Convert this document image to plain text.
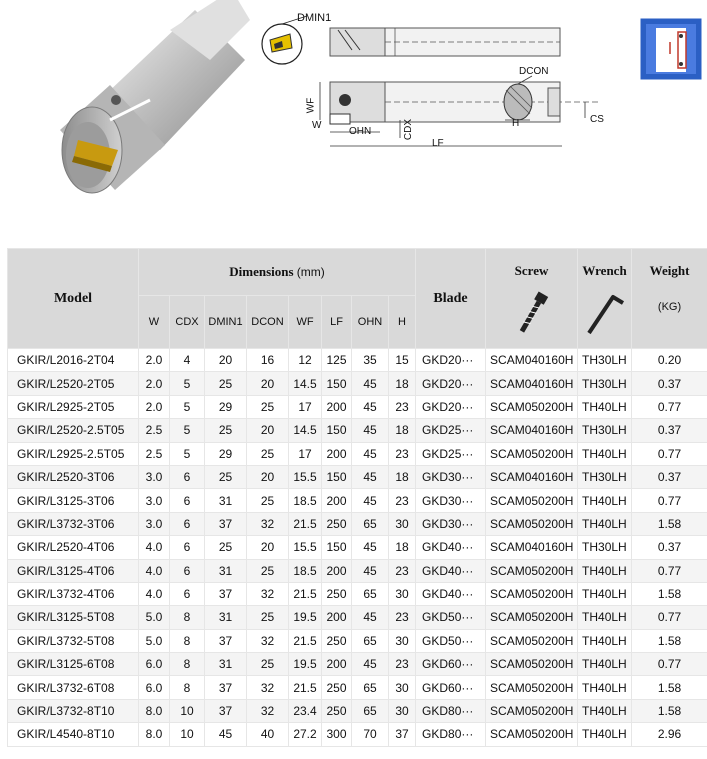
DMIN1
WF
W
OHN	CDX
LF
DCON
H	CS
Model	Dimensions (mm)								Blade	Screw	Wrench	Weight
(KG)

	W	CDX	DMIN1	DCON	WF	LF	OHN	H				
GKIR/L2016-2T04	2.0	4	20	16	12	125	35	15	GKD20···	SCAM040160H	TH30LH	0.20
GKIR/L2520-2T05	2.0	5	25	20	14.5	150	45	18	GKD20···	SCAM040160H	TH30LH	0.37
GKIR/L2925-2T05	2.0	5	29	25	17	200	45	23	GKD20···	SCAM050200H	TH40LH	0.77
GKIR/L2520-2.5T05	2.5	5	25	20	14.5	150	45	18	GKD25···	SCAM040160H	TH30LH	0.37
GKIR/L2925-2.5T05	2.5	5	29	25	17	200	45	23	GKD25···	SCAM050200H	TH40LH	0.77
GKIR/L2520-3T06	3.0	6	25	20	15.5	150	45	18	GKD30···	SCAM040160H	TH30LH	0.37
GKIR/L3125-3T06	3.0	6	31	25	18.5	200	45	23	GKD30···	SCAM050200H	TH40LH	0.77
GKIR/L3732-3T06	3.0	6	37	32	21.5	250	65	30	GKD30···	SCAM050200H	TH40LH	1.58
GKIR/L2520-4T06	4.0	6	25	20	15.5	150	45	18	GKD40···	SCAM040160H	TH30LH	0.37
GKIR/L3125-4T06	4.0	6	31	25	18.5	200	45	23	GKD40···	SCAM050200H	TH40LH	0.77
GKIR/L3732-4T06	4.0	6	37	32	21.5	250	65	30	GKD40···	SCAM050200H	TH40LH	1.58
GKIR/L3125-5T08	5.0	8	31	25	19.5	200	45	23	GKD50···	SCAM050200H	TH40LH	0.77
GKIR/L3732-5T08	5.0	8	37	32	21.5	250	65	30	GKD50···	SCAM050200H	TH40LH	1.58
GKIR/L3125-6T08	6.0	8	31	25	19.5	200	45	23	GKD60···	SCAM050200H	TH40LH	0.77
GKIR/L3732-6T08	6.0	8	37	32	21.5	250	65	30	GKD60···	SCAM050200H	TH40LH	1.58
GKIR/L3732-8T10	8.0	10	37	32	23.4	250	65	30	GKD80···	SCAM050200H	TH40LH	1.58
GKIR/L4540-8T10	8.0	10	45	40	27.2	300	70	37	GKD80···	SCAM050200H	TH40LH	2.96
